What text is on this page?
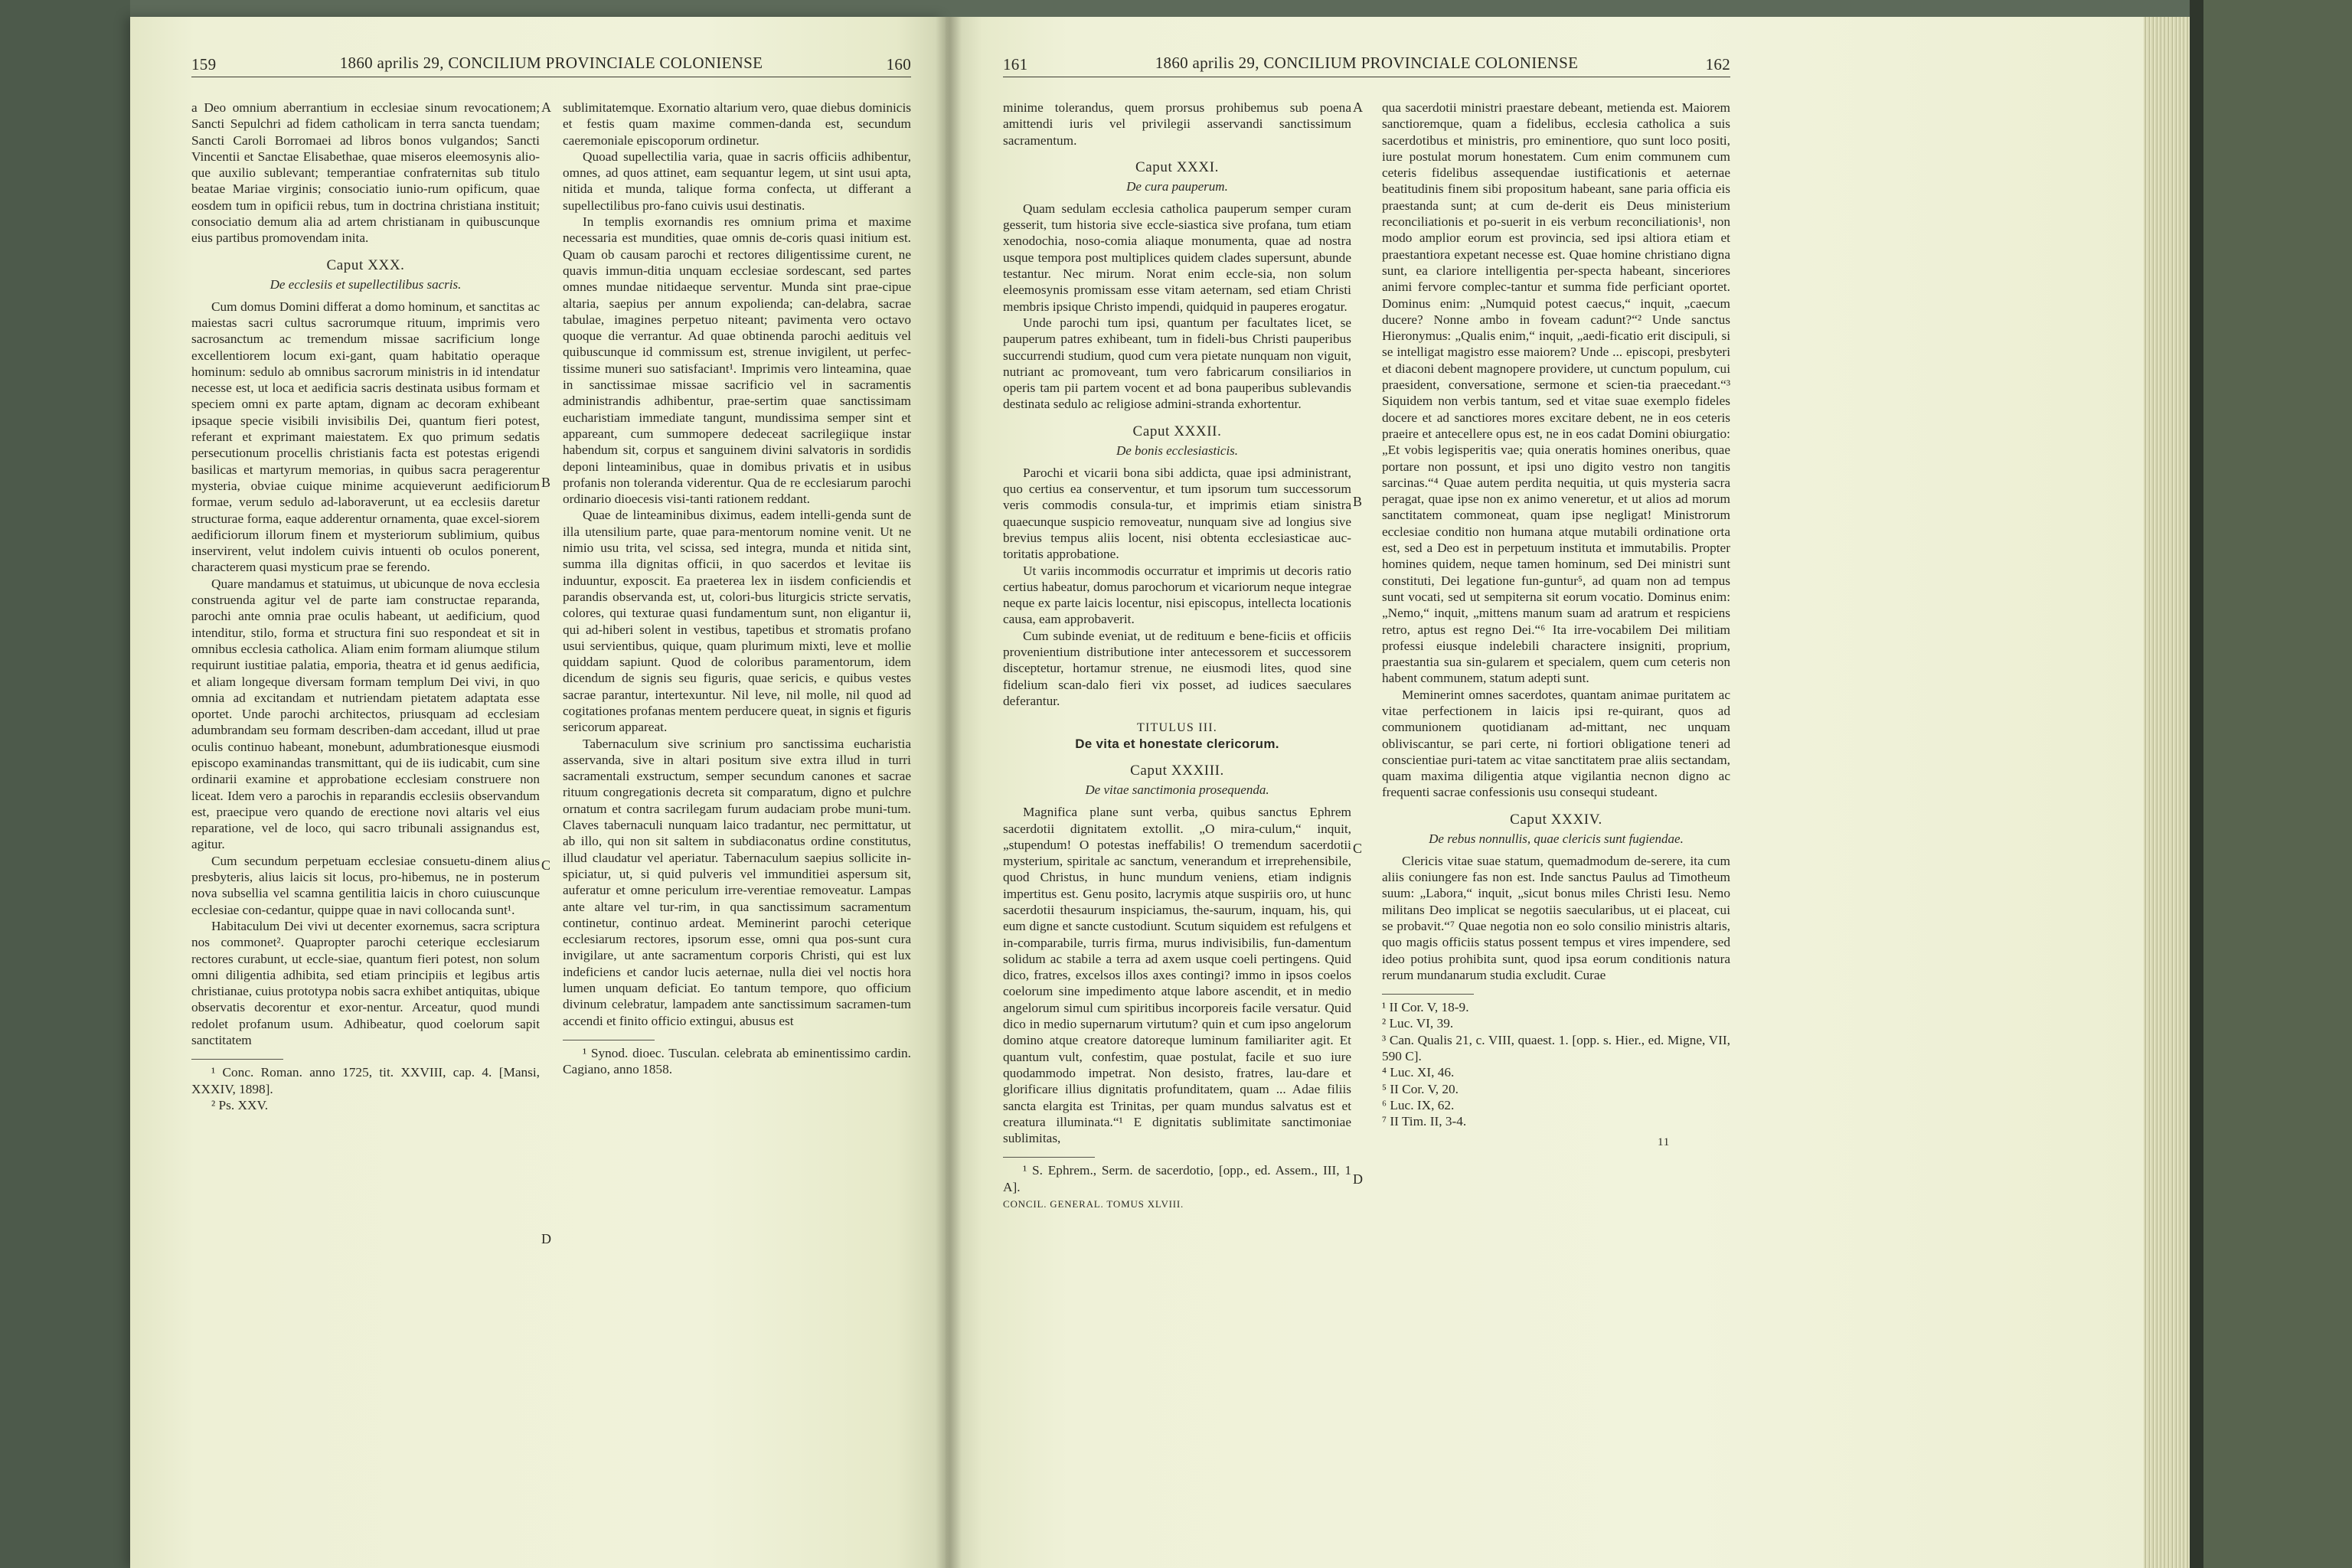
159	1860 aprilis 29, CONCILIUM PROVINCIALE COLONIENSE	160

a Deo omnium aberrantium in ecclesiae sinum revocationem; Sancti Sepulchri ad fidem catholicam in terra sancta tuendam; Sancti Caroli Borromaei ad libros bonos vulgandos; Sancti Vincentii et Sanctae Elisabethae, quae miseros eleemosynis alio-que auxilio sublevant; temperantiae confraternitas sub titulo beatae Mariae virginis; consociatio iunio-rum opificum, quae eosdem tum in opificii rebus, tum in doctrina christiana instituit; consociatio demum alia ad artem christianam in quibuscunque eius partibus promovendam inita.

Caput XXX.
De ecclesiis et supellectilibus sacris.

Cum domus Domini differat a domo hominum, et sanctitas ac maiestas sacri cultus sacrorumque rituum, imprimis vero sacrosanctum ac tremendum missae sacrificium longe excellentiorem locum exi-gant, quam habitatio operaque hominum: sedulo ab omnibus sacrorum ministris in id intendatur necesse est, ut loca et aedificia sacris destinata usibus formam et speciem omni ex parte aptam, dignam ac decoram exhibeant ipsaque specie visibili invisibilis Dei, quantum fieri potest, referant et exprimant maiestatem. Ex quo primum sedatis persecutionum procellis christianis facta est potestas erigendi basilicas et martyrum memorias, in quibus sacra peragerentur mysteria, obviae cuique minime acquieverunt aedificiorum formae, verum sedulo ad-laboraverunt, ut ea ecclesiis daretur structurae forma, eaque adderentur ornamenta, quae excel-siorem aedificiorum illorum finem et mysteriorum sublimium, quibus inservirent, velut indolem cuivis intuenti ob oculos ponerent, characterem quasi mysticum prae se ferendo.

Quare mandamus et statuimus, ut ubicunque de nova ecclesia construenda agitur vel de parte iam constructae reparanda, parochi ante omnia prae oculis habeant, ut aedificium, quod intenditur, stilo, forma et structura fini suo respondeat et sit in omnibus ecclesia catholica. Aliam enim formam aliumque stilum requirunt iustitiae palatia, emporia, theatra et id genus aedificia, et aliam longeque diversam formam templum Dei vivi, in quo omnia ad excitandam et nutriendam pietatem adaptata esse oportet. Unde parochi architectos, priusquam ad ecclesiam adumbrandam seu formam describen-dam accedant, illud ut prae oculis continuo habeant, monebunt, adumbrationesque eiusmodi episcopo examinandas transmittant, qui de iis iudicabit, cum sine ordinarii examine et approbatione ecclesiam construere non liceat. Idem vero a parochis in reparandis ecclesiis observandum est, praecipue vero quando de erectione novi altaris vel eius reparatione, vel de loco, qui sacro tribunali assignandus est, agitur.

Cum secundum perpetuam ecclesiae consuetu-dinem alius presbyteris, alius laicis sit locus, pro-hibemus, ne in posterum nova subsellia vel scamna gentilitia laicis in choro cuiuscunque ecclesiae con-cedantur, quippe quae in navi collocanda sunt¹.

Habitaculum Dei vivi ut decenter exornemus, sacra scriptura nos commonet². Quapropter parochi ceterique ecclesiarum rectores curabunt, ut eccle-siae, quantum fieri potest, non solum omni diligentia adhibita, sed etiam principiis et legibus artis christianae, cuius prototypa nobis sacra exhibet antiquitas, ubique observatis decorentur et exor-nentur. Arceatur, quod mundi redolet profanum usum. Adhibeatur, quod coelorum sapit sanctitatem

¹ Conc. Roman. anno 1725, tit. XXVIII, cap. 4. [Mansi, XXXIV, 1898].

² Ps. XXV.

A
B
C
D

sublimitatemque. Exornatio altarium vero, quae diebus dominicis et festis quam maxime commen-danda est, secundum caeremoniale episcoporum ordinetur.

Quoad supellectilia varia, quae in sacris officiis adhibentur, omnes, ad quos attinet, eam sequantur legem, ut sint usui apta, nitida et munda, talique forma confecta, ut differant a supellectilibus pro-fano cuivis usui destinatis.

In templis exornandis res omnium prima et maxime necessaria est mundities, quae omnis de-coris quasi initium est. Quam ob causam parochi et rectores diligentissime curent, ne quavis immun-ditia unquam ecclesiae sordescant, sed partes omnes mundae nitidaeque serventur. Munda sint prae-cipue altaria, saepius per annum expolienda; can-delabra, sacrae tabulae, imagines perpetuo niteant; pavimenta vero octavo quoque die verrantur. Ad quae obtinenda parochi aedituis vel quibuscunque id commissum est, strenue invigilent, ut perfec-tissime muneri suo satisfaciant¹. Imprimis vero linteamina, quae in sanctissimae missae sacrificio vel in sacramentis administrandis adhibentur, prae-sertim quae sanctissimam eucharistiam immediate tangunt, mundissima semper sint et appareant, cum summopere dedeceat sacrilegiique instar habendum sit, corpus et sanguinem divini salvatoris in sordidis deponi linteaminibus, quae in domibus privatis et in usibus profanis non toleranda viderentur. Qua de re ecclesiarum parochi ordinario dioecesis visi-tanti rationem reddant.

Quae de linteaminibus diximus, eadem intelli-genda sunt de illa utensilium parte, quae para-mentorum nomine venit. Ut ne nimio usu trita, vel scissa, sed integra, munda et nitida sint, summa illa dignitas officii, in quo sacerdos et levitae iis induuntur, exposcit. Ea praeterea lex in iisdem conficiendis et parandis observanda est, ut, colori-bus liturgicis stricte servatis, colores, qui texturae quasi fundamentum sunt, non eligantur ii, qui ad-hiberi solent in vestibus, tapetibus et stromatis profano usui servientibus, quique, quam plurimum mixti, leve et mollie quiddam sapiunt. Quod de coloribus paramentorum, idem dicendum de signis seu figuris, quae sericis, e quibus vestes sacrae parantur, intertexuntur. Nil leve, nil molle, nil quod ad cogitationes profanas mentem perducere queat, in signis et figuris sericorum appareat.

Tabernaculum sive scrinium pro sanctissima eucharistia asservanda, sive in altari positum sive extra illud in turri sacramentali exstructum, semper secundum canones et sacrae rituum congregationis decreta sit comparatum, digno et pulchre ornatum et contra sacrilegam furum audaciam probe muni-tum. Claves tabernaculi nunquam laico tradantur, nec permittatur, ut ab illo, qui non sit saltem in subdiaconatus ordine constitutus, illud claudatur vel aperiatur. Tabernaculum saepius sollicite in-spiciatur, ut, si quid pulveris vel immunditiei aspersum sit, auferatur et omne periculum irre-verentiae removeatur. Lampas ante altare vel tur-rim, in qua sanctissimum sacramentum continetur, continuo ardeat. Meminerint parochi ceterique ecclesiarum rectores, ipsorum esse, omni qua pos-sunt cura invigilare, ut ante sacramentum corporis Christi, qui est lux indeficiens et candor lucis aeternae, nulla diei vel noctis hora lumen unquam deficiat. Eo tantum tempore, quo officium divinum celebratur, lampadem ante sanctissimum sacramen-tum accendi et finito officio extingui, abusus est

¹ Synod. dioec. Tusculan. celebrata ab eminentissimo cardin. Cagiano, anno 1858.

161	1860 aprilis 29, CONCILIUM PROVINCIALE COLONIENSE	162

minime tolerandus, quem prorsus prohibemus sub poena amittendi iuris vel privilegii asservandi sanctissimum sacramentum.

Caput XXXI.
De cura pauperum.

Quam sedulam ecclesia catholica pauperum semper curam gesserit, tum historia sive eccle-siastica sive profana, tum etiam xenodochia, noso-comia aliaque monumenta, quae ad nostra usque tempora post multiplices quidem clades supersunt, abunde testantur. Nec mirum. Norat enim eccle-sia, non solum eleemosynis promissam esse vitam aeternam, sed etiam Christi membris ipsique Christo impendi, quidquid in pauperes erogatur.

Unde parochi tum ipsi, quantum per facultates licet, se pauperum patres exhibeant, tum in fideli-bus Christi pauperibus succurrendi studium, quod cum vera pietate nunquam non viguit, nutriant ac promoveant, tum vero fabricarum consiliarios in operis tam pii partem vocent et ad bona pauperibus sublevandis destinata sedulo ac religiose admini-stranda exhortentur.

Caput XXXII.
De bonis ecclesiasticis.

Parochi et vicarii bona sibi addicta, quae ipsi administrant, quo certius ea conserventur, et tum ipsorum tum successorum veris commodis consula-tur, et imprimis etiam sinistra quaecunque suspicio removeatur, nunquam sive ad longius sive brevius tempus aliis locent, nisi obtenta ecclesiasticae auc-toritatis approbatione.

Ut variis incommodis occurratur et imprimis ut decoris ratio certius habeatur, domus parochorum et vicariorum neque integrae neque ex parte laicis locentur, nisi episcopus, intellecta locationis causa, eam approbaverit.

Cum subinde eveniat, ut de redituum e bene-ficiis et officiis provenientium distributione inter antecessorem et successorem disceptetur, hortamur strenue, ne eiusmodi lites, quod sine fidelium scan-dalo fieri vix posset, ad iudices saeculares deferantur.

TITULUS III.
De vita et honestate clericorum.
Caput XXXIII.
De vitae sanctimonia prosequenda.

Magnifica plane sunt verba, quibus sanctus Ephrem sacerdotii dignitatem extollit. „O mira-culum,“ inquit, „stupendum! O potestas ineffabilis! O tremendum sacerdotii mysterium, spiritale ac sanctum, venerandum et irreprehensibile, quod Christus, in hunc mundum veniens, etiam indignis impertitus est. Genu posito, lacrymis atque suspiriis oro, ut hunc sacerdotii thesaurum inspiciamus, the-saurum, inquam, his, qui eum digne et sancte custodiunt. Scutum siquidem est refulgens et in-comparabile, turris firma, murus indivisibilis, fun-damentum solidum ac stabile a terra ad axem usque coeli pertingens. Quid dico, fratres, excelsos illos axes contingi? immo in ipsos coelos coelorum sine impedimento atque labore ascendit, et in medio angelorum simul cum spiritibus incorporeis facile versatur. Quid dico in medio supernarum virtutum? quin et cum ipso angelorum domino atque creatore datoreque luminum familiariter agit. Et quantum vult, confestim, quae postulat, facile et suo iure quodammodo impetrat. Non desisto, fratres, lau-dare et glorificare illius dignitatis profunditatem, quam ... Adae filiis sancta elargita est Trinitas, per quam mundus salvatus est et creatura illuminata.“¹ E dignitatis sublimitate sanctimoniae sublimitas,

¹ S. Ephrem., Serm. de sacerdotio, [opp., ed. Assem., III, 1 A].

CONCIL. GENERAL. TOMUS XLVIII.
A
B
C
D

qua sacerdotii ministri praestare debeant, metienda est. Maiorem sanctioremque, quam a fidelibus, ecclesia catholica a suis sacerdotibus et ministris, pro eminentiore, quo sunt loco positi, iure postulat morum honestatem. Cum enim communem cum ceteris fidelibus assequendae iustificationis et aeternae beatitudinis finem sibi propositum habeant, sane paria officia eis praestanda sunt; at cum de-derit eis Deus ministerium reconciliationis et po-suerit in eis verbum reconciliationis¹, non modo amplior eorum est provincia, sed ipsi altiora etiam et praestantiora expetant necesse est. Quae homine christiano digna sunt, ea clariore intelligentia per-specta habeant, sinceriores animi fervore complec-tantur et summa fide perficiant oportet. Dominus enim: „Numquid potest caecus,“ inquit, „caecum ducere? Nonne ambo in foveam cadunt?“² Unde sanctus Hieronymus: „Qualis enim,“ inquit, „aedi-ficatio erit discipuli, si se intelligat magistro esse maiorem? Unde ... episcopi, presbyteri et diaconi debent magnopere providere, ut cunctum populum, cui praesident, conversatione, sermone et scien-tia praecedant.“³ Siquidem non verbis tantum, sed et vitae suae exemplo fideles docere et ad sanctiores mores excitare debent, ne in eos ceteris praeire et antecellere opus est, ne in eos cadat Domini obiurgatio: „Et vobis legisperitis vae; quia oneratis homines oneribus, quae portare non possunt, et ipsi uno digito vestro non tangitis sarcinas.“⁴ Quae autem perdita nequitia, ut quis mysteria sacra peragat, quae ipse non ex animo veneretur, et ut alios ad morum sanctitatem commoneat, quam ipse negligat! Ministrorum ecclesiae conditio non humana atque mutabili ordinatione orta est, sed a Deo est in perpetuum instituta et immutabilis. Propter homines quidem, neque tamen hominum, sed Dei ministri sunt constituti, Dei legatione fun-guntur⁵, ad quam non ad tempus sunt vocati, sed ut sempiterna sit eorum vocatio. Dominus enim: „Nemo,“ inquit, „mittens manum suam ad aratrum et respiciens retro, aptus est regno Dei.“⁶ Ita irre-vocabilem Dei militiam professi eiusque indelebili charactere insigniti, proprium, praestantia sua sin-gularem et specialem, quem cum ceteris non habent communem, statum adepti sunt.

Meminerint omnes sacerdotes, quantam animae puritatem ac vitae perfectionem in laicis ipsi re-quirant, quos ad communionem quotidianam ad-mittant, nec unquam obliviscantur, se pari certe, ni fortiori obligatione teneri ad conscientiae puri-tatem ac vitae sanctitatem prae aliis sectandam, quam maxima diligentia atque vigilantia necnon digno ac frequenti sacrae confessionis usu consequi studeant.

Caput XXXIV.
De rebus nonnullis, quae clericis sunt fugiendae.

Clericis vitae suae statum, quemadmodum de-serere, ita cum aliis coniungere fas non est. Inde sanctus Paulus ad Timotheum suum: „Labora,“ inquit, „sicut bonus miles Christi Iesu. Nemo militans Deo implicat se negotiis saecularibus, ut ei placeat, cui se probavit.“⁷ Quae negotia non eo solo consilio ministris altaris, quo magis officiis status possent tempus et vires impendere, sed ideo potius prohibita sunt, quod ipsa eorum conditionis natura rerum mundanarum studia excludit. Curae

¹ II Cor. V, 18-9.

² Luc. VI, 39.

³ Can. Qualis 21, c. VIII, quaest. 1. [opp. s. Hier., ed. Migne, VII, 590 C].

⁴ Luc. XI, 46.

⁵ II Cor. V, 20.

⁶ Luc. IX, 62.

⁷ II Tim. II, 3-4.

11
